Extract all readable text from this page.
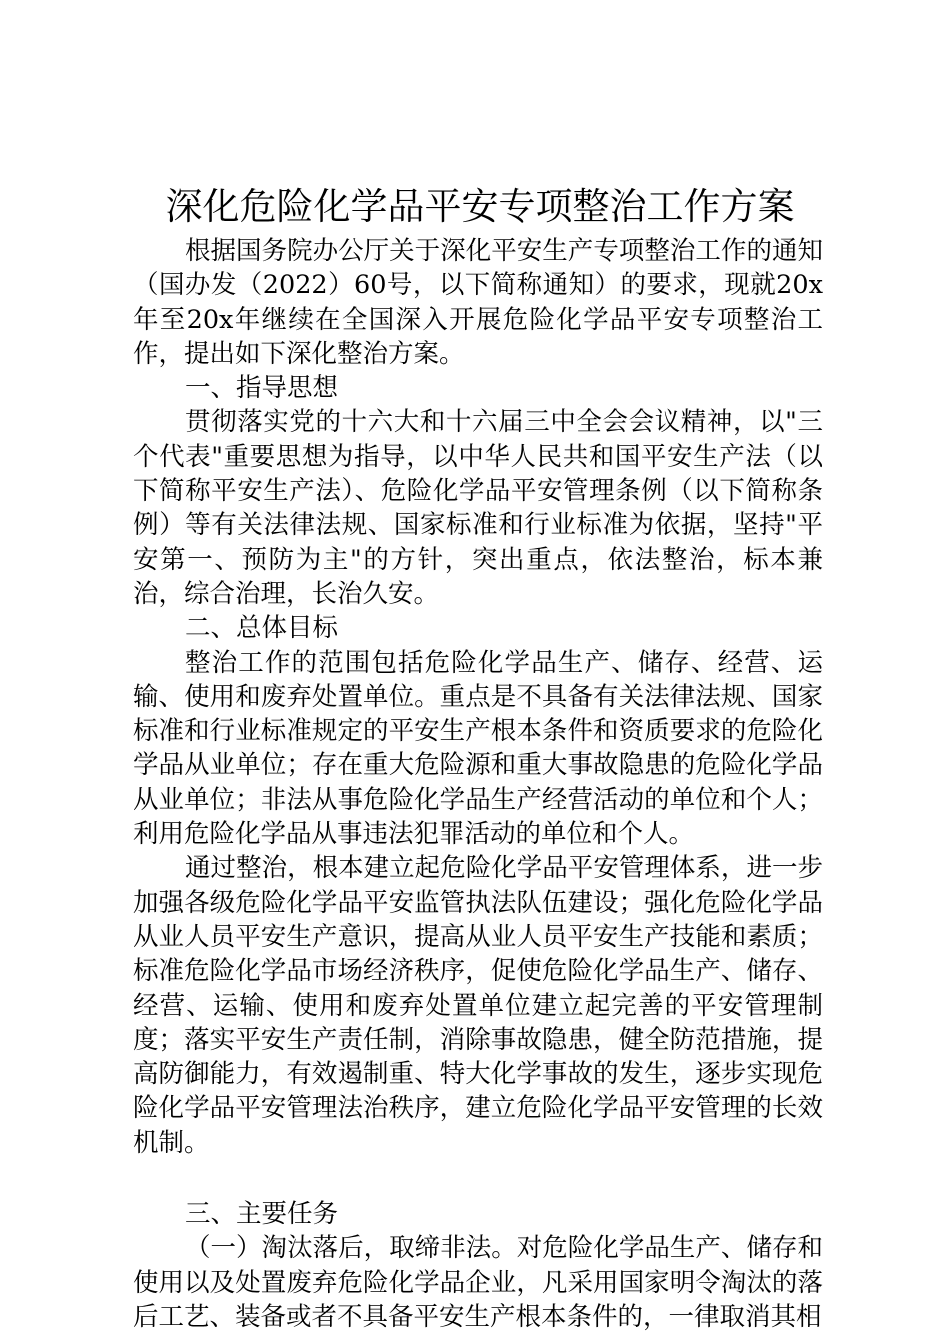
深化危险化学品平安专项整治工作方案

根据国务院办公厅关于深化平安生产专项整治工作的通知（国办发（2022）60号，以下简称通知）的要求，现就20x年至20x年继续在全国深入开展危险化学品平安专项整治工作，提出如下深化整治方案。

一、指导思想

贯彻落实党的十六大和十六届三中全会会议精神，以"三个代表"重要思想为指导，以中华人民共和国平安生产法（以下简称平安生产法）、危险化学品平安管理条例（以下简称条例）等有关法律法规、国家标准和行业标准为依据，坚持"平安第一、预防为主"的方针，突出重点，依法整治，标本兼治，综合治理，长治久安。

二、总体目标

整治工作的范围包括危险化学品生产、储存、经营、运输、使用和废弃处置单位。重点是不具备有关法律法规、国家标准和行业标准规定的平安生产根本条件和资质要求的危险化学品从业单位；存在重大危险源和重大事故隐患的危险化学品从业单位；非法从事危险化学品生产经营活动的单位和个人；利用危险化学品从事违法犯罪活动的单位和个人。

通过整治，根本建立起危险化学品平安管理体系，进一步加强各级危险化学品平安监管执法队伍建设；强化危险化学品从业人员平安生产意识，提高从业人员平安生产技能和素质；标准危险化学品市场经济秩序，促使危险化学品生产、储存、经营、运输、使用和废弃处置单位建立起完善的平安管理制度；落实平安生产责任制，消除事故隐患，健全防范措施，提高防御能力，有效遏制重、特大化学事故的发生，逐步实现危险化学品平安管理法治秩序，建立危险化学品平安管理的长效机制。

三、主要任务

（一）淘汰落后，取缔非法。对危险化学品生产、储存和使用以及处置废弃危险化学品企业，凡采用国家明令淘汰的落后工艺、装备或者不具备平安生产根本条件的，一律取消其相
